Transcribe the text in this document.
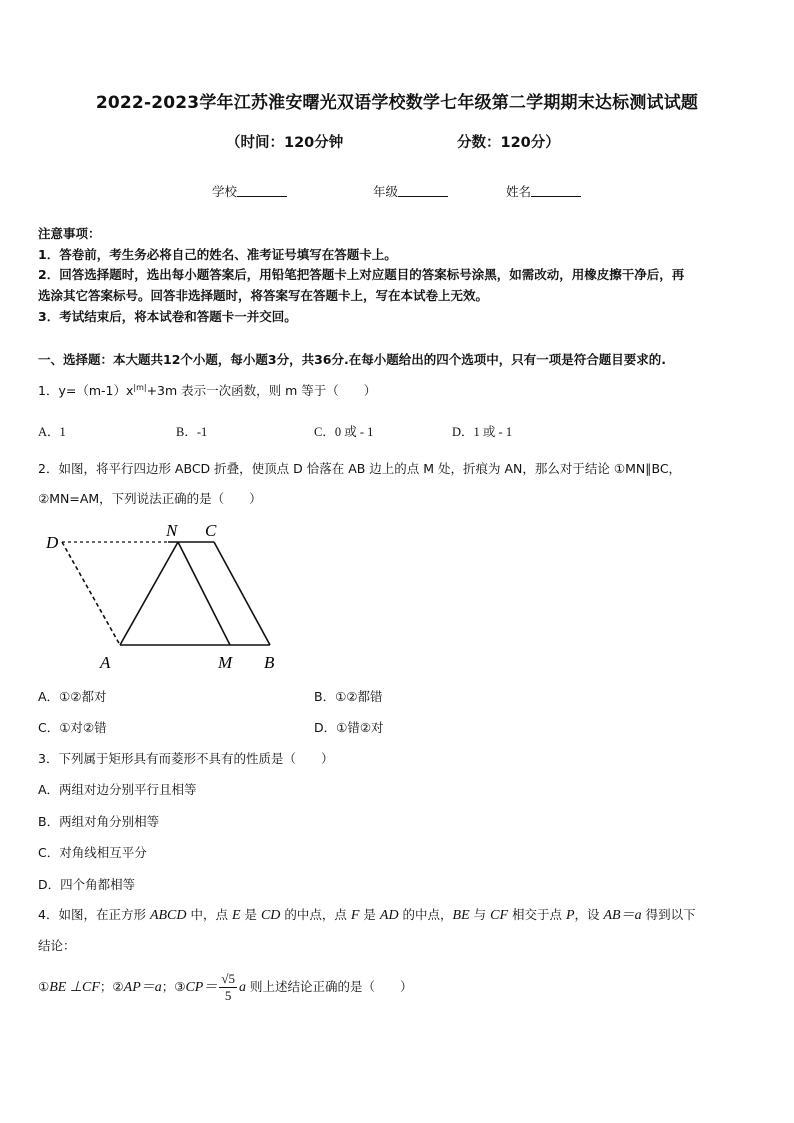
2022-2023学年江苏淮安曙光双语学校数学七年级第二学期期末达标测试试题
（时间：120分钟	分数：120分）
学校	年级	姓名
注意事项：
1．答卷前，考生务必将自己的姓名、准考证号填写在答题卡上。
2．回答选择题时，选出每小题答案后，用铅笔把答题卡上对应题目的答案标号涂黑，如需改动，用橡皮擦干净后，再
选涂其它答案标号。回答非选择题时，将答案写在答题卡上，写在本试卷上无效。
3．考试结束后，将本试卷和答题卡一并交回。
一、选择题：本大题共12个小题，每小题3分，共36分.在每小题给出的四个选项中，只有一项是符合题目要求的.
1．$y=(m-1)x^{|m|}+3m$ 表示一次函数，则 m 等于（　　）
A．1	B．-1	C．0 或 - 1	D．1 或 - 1
2．如图，将平行四边形 ABCD 折叠，使顶点 D 恰落在 AB 边上的点 M 处，折痕为 AN，那么对于结论 ①MN∥BC，
②MN=AM，下列说法正确的是（　　）
D
N C
A	M B
A．①②都对	B．①②都错
C．①对②错	D．①错②对
3．下列属于矩形具有而菱形不具有的性质是（　　）
A．两组对边分别平行且相等
B．两组对角分别相等
C．对角线相互平分
D．四个角都相等
4．如图，在正方形 ABCD 中，点 E 是 CD 的中点，点 F 是 AD 的中点，BE 与 CF 相交于点 P，设 AB＝a 得到以下
结论：
①BE ⊥CF；②AP＝a；③CP＝ $\frac{√5}{5}$ a 则上述结论正确的是（　　）
